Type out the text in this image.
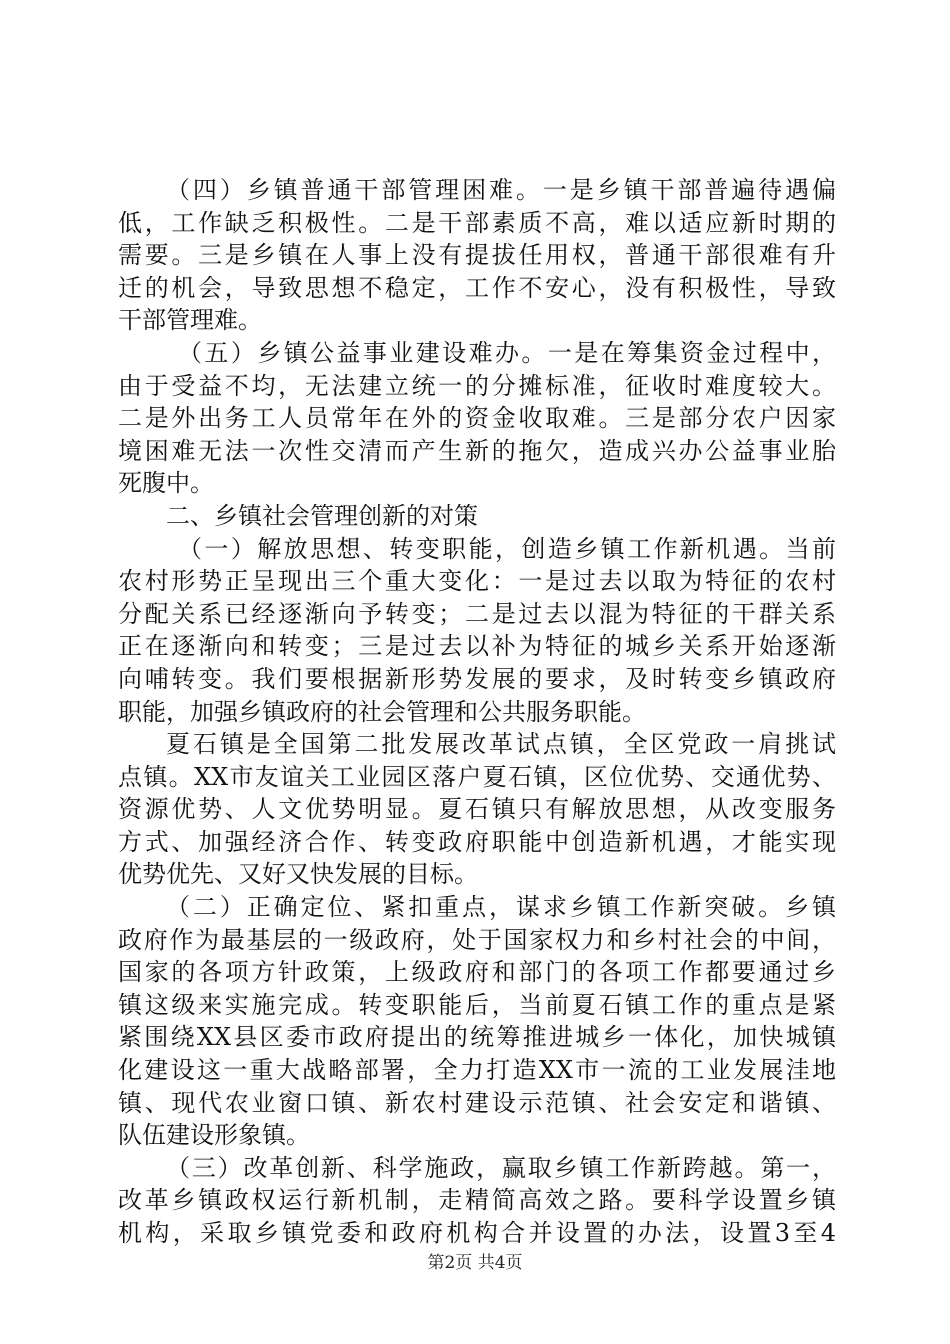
（四）乡镇普通干部管理困难。一是乡镇干部普遍待遇偏
低，工作缺乏积极性。二是干部素质不高，难以适应新时期的
需要。三是乡镇在人事上没有提拔任用权，普通干部很难有升
迁的机会，导致思想不稳定，工作不安心，没有积极性，导致
干部管理难。
（五）乡镇公益事业建设难办。一是在筹集资金过程中，
由于受益不均，无法建立统一的分摊标准，征收时难度较大。
二是外出务工人员常年在外的资金收取难。三是部分农户因家
境困难无法一次性交清而产生新的拖欠，造成兴办公益事业胎
死腹中。
二、乡镇社会管理创新的对策
（一）解放思想、转变职能，创造乡镇工作新机遇。当前
农村形势正呈现出三个重大变化：一是过去以取为特征的农村
分配关系已经逐渐向予转变；二是过去以混为特征的干群关系
正在逐渐向和转变；三是过去以补为特征的城乡关系开始逐渐
向哺转变。我们要根据新形势发展的要求，及时转变乡镇政府
职能，加强乡镇政府的社会管理和公共服务职能。
夏石镇是全国第二批发展改革试点镇，全区党政一肩挑试
点镇。XX市友谊关工业园区落户夏石镇，区位优势、交通优势、
资源优势、人文优势明显。夏石镇只有解放思想，从改变服务
方式、加强经济合作、转变政府职能中创造新机遇，才能实现
优势优先、又好又快发展的目标。
（二）正确定位、紧扣重点，谋求乡镇工作新突破。乡镇
政府作为最基层的一级政府，处于国家权力和乡村社会的中间，
国家的各项方针政策，上级政府和部门的各项工作都要通过乡
镇这级来实施完成。转变职能后，当前夏石镇工作的重点是紧
紧围绕XX县区委市政府提出的统筹推进城乡一体化，加快城镇
化建设这一重大战略部署，全力打造XX市一流的工业发展洼地
镇、现代农业窗口镇、新农村建设示范镇、社会安定和谐镇、
队伍建设形象镇。
（三）改革创新、科学施政，赢取乡镇工作新跨越。第一，
改革乡镇政权运行新机制，走精简高效之路。要科学设置乡镇
机构，采取乡镇党委和政府机构合并设置的办法，设置3至4
第2页 共4页
